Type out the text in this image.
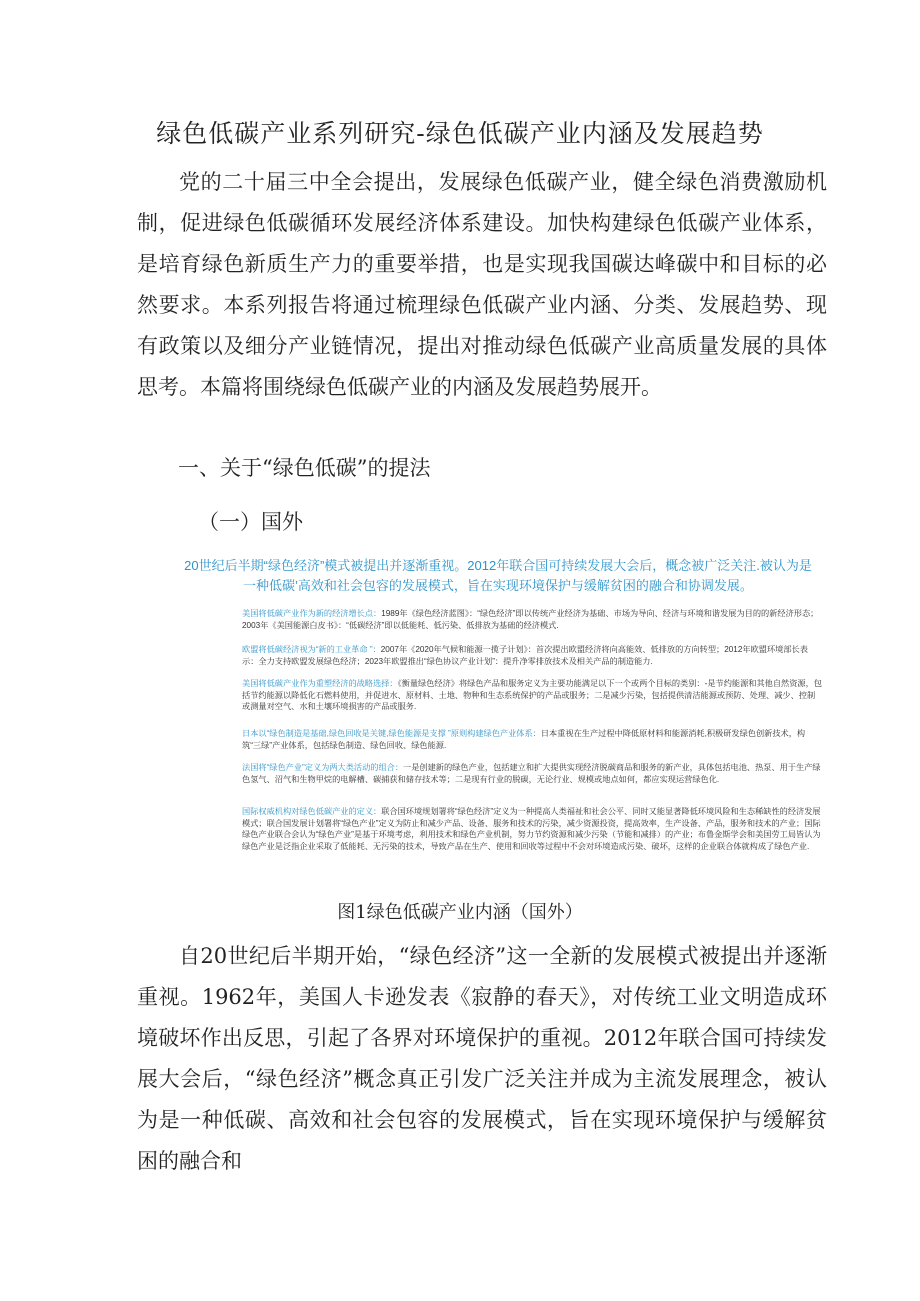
绿色低碳产业系列研究-绿色低碳产业内涵及发展趋势

党的二十届三中全会提出，发展绿色低碳产业，健全绿色消费激励机制，促进绿色低碳循环发展经济体系建设。加快构建绿色低碳产业体系，是培育绿色新质生产力的重要举措，也是实现我国碳达峰碳中和目标的必然要求。本系列报告将通过梳理绿色低碳产业内涵、分类、发展趋势、现有政策以及细分产业链情况，提出对推动绿色低碳产业高质量发展的具体思考。本篇将围绕绿色低碳产业的内涵及发展趋势展开。

一、关于“绿色低碳”的提法
（一）国外
20世纪后半期“绿色经济”模式被提出并逐渐重视。2012年联合国可持续发展大会后，概念被广泛关注.被认为是一种低碳’高效和社会包容的发展模式，旨在实现环境保护与缓解贫困的融合和协调发展。
美国将低碳产业作为新的经济增长点：1989年《绿色经济蓝图》：“绿色经济”即以传统产业经济为基础、市场为导向、经济与环境和谐发展为目的的新经济形态；2003年《美国能源白皮书》：“低碳经济”即以低能耗、低污染、低排放为基础的经济模式.
欧盟将低碳经济视为“新的工业革命 ”：2007年《2020年气候和能源一揽子计划》：首次提出欧盟经济将向高能效、低排放的方向转型；2012年欧盟环境部长表示：全力支持欧盟发展绿色经济；2023年欧盟推出“绿色协议产业计划”：提升净零排放技术及相关产品的制造能力.
美国将低碳产业作为重塑经济的战略选择：《衡量绿色经济》将绿色产品和服务定义为主要功能满足以下一个或两个目标的类别：-是节约能源和其他自然资源，包括节约能源以降低化石燃料使用，并促进水、原材料、土地、物种和生态系统保护的产品或服务；二是减少污染，包括提供清洁能源或预防、处理、减少、控制或测量对空气、水和土壤环境损害的产品或服务.
日本以“绿色制造是基础,绿色回收是关键,绿色能源是支撑 ”原则构建绿色产业体系：日本重视在生产过程中降低原材料和能源消耗,积极研发绿色创新技术，构筑“三绿”产业体系，包括绿色制造、绿色回收、绿色能源.
法国将“绿色产业”定义为两大类活动的组合：一是创建新的绿色产业，包括建立和扩大提供实现经济脱碳商品和服务的新产业，具体包括电池、热泵、用于生产绿色氢气、沼气和生物甲烷的电解槽、碳捕获和储存技术等；二是现有行业的脱碳，无论行业、规模或地点如何，都应实现运营绿色化.
国际权威机构对绿色低碳产业的定义：联合国环境规划署将“绿色经济”定义为一种提高人类福祉和社会公平、同时又能显著降低环境风险和生态稀缺性的经济发展模式；联合国发展计划署将“绿色产业”定义为防止和减少产品、设备、服务和技术的污染，减少资源投资，提高效率，生产设备、产品，服务和技术的产业；国际绿色产业联合会认为“绿色产业”是基于环境考虑，利用技术和绿色产业机制，努力节约资源和减少污染（节能和减排）的产业；布鲁金斯学会和美国劳工局皆认为绿色产业是泛指企业采取了低能耗、无污染的技术，导致产品在生产、使用和回收等过程中不会对环境造成污染、破坏，这样的企业联合体就构成了绿色产业.
图1绿色低碳产业内涵（国外）

自20世纪后半期开始，“绿色经济”这一全新的发展模式被提出并逐渐重视。1962年，美国人卡逊发表《寂静的春天》，对传统工业文明造成环境破坏作出反思，引起了各界对环境保护的重视。2012年联合国可持续发展大会后，“绿色经济”概念真正引发广泛关注并成为主流发展理念，被认为是一种低碳、高效和社会包容的发展模式，旨在实现环境保护与缓解贫困的融合和
